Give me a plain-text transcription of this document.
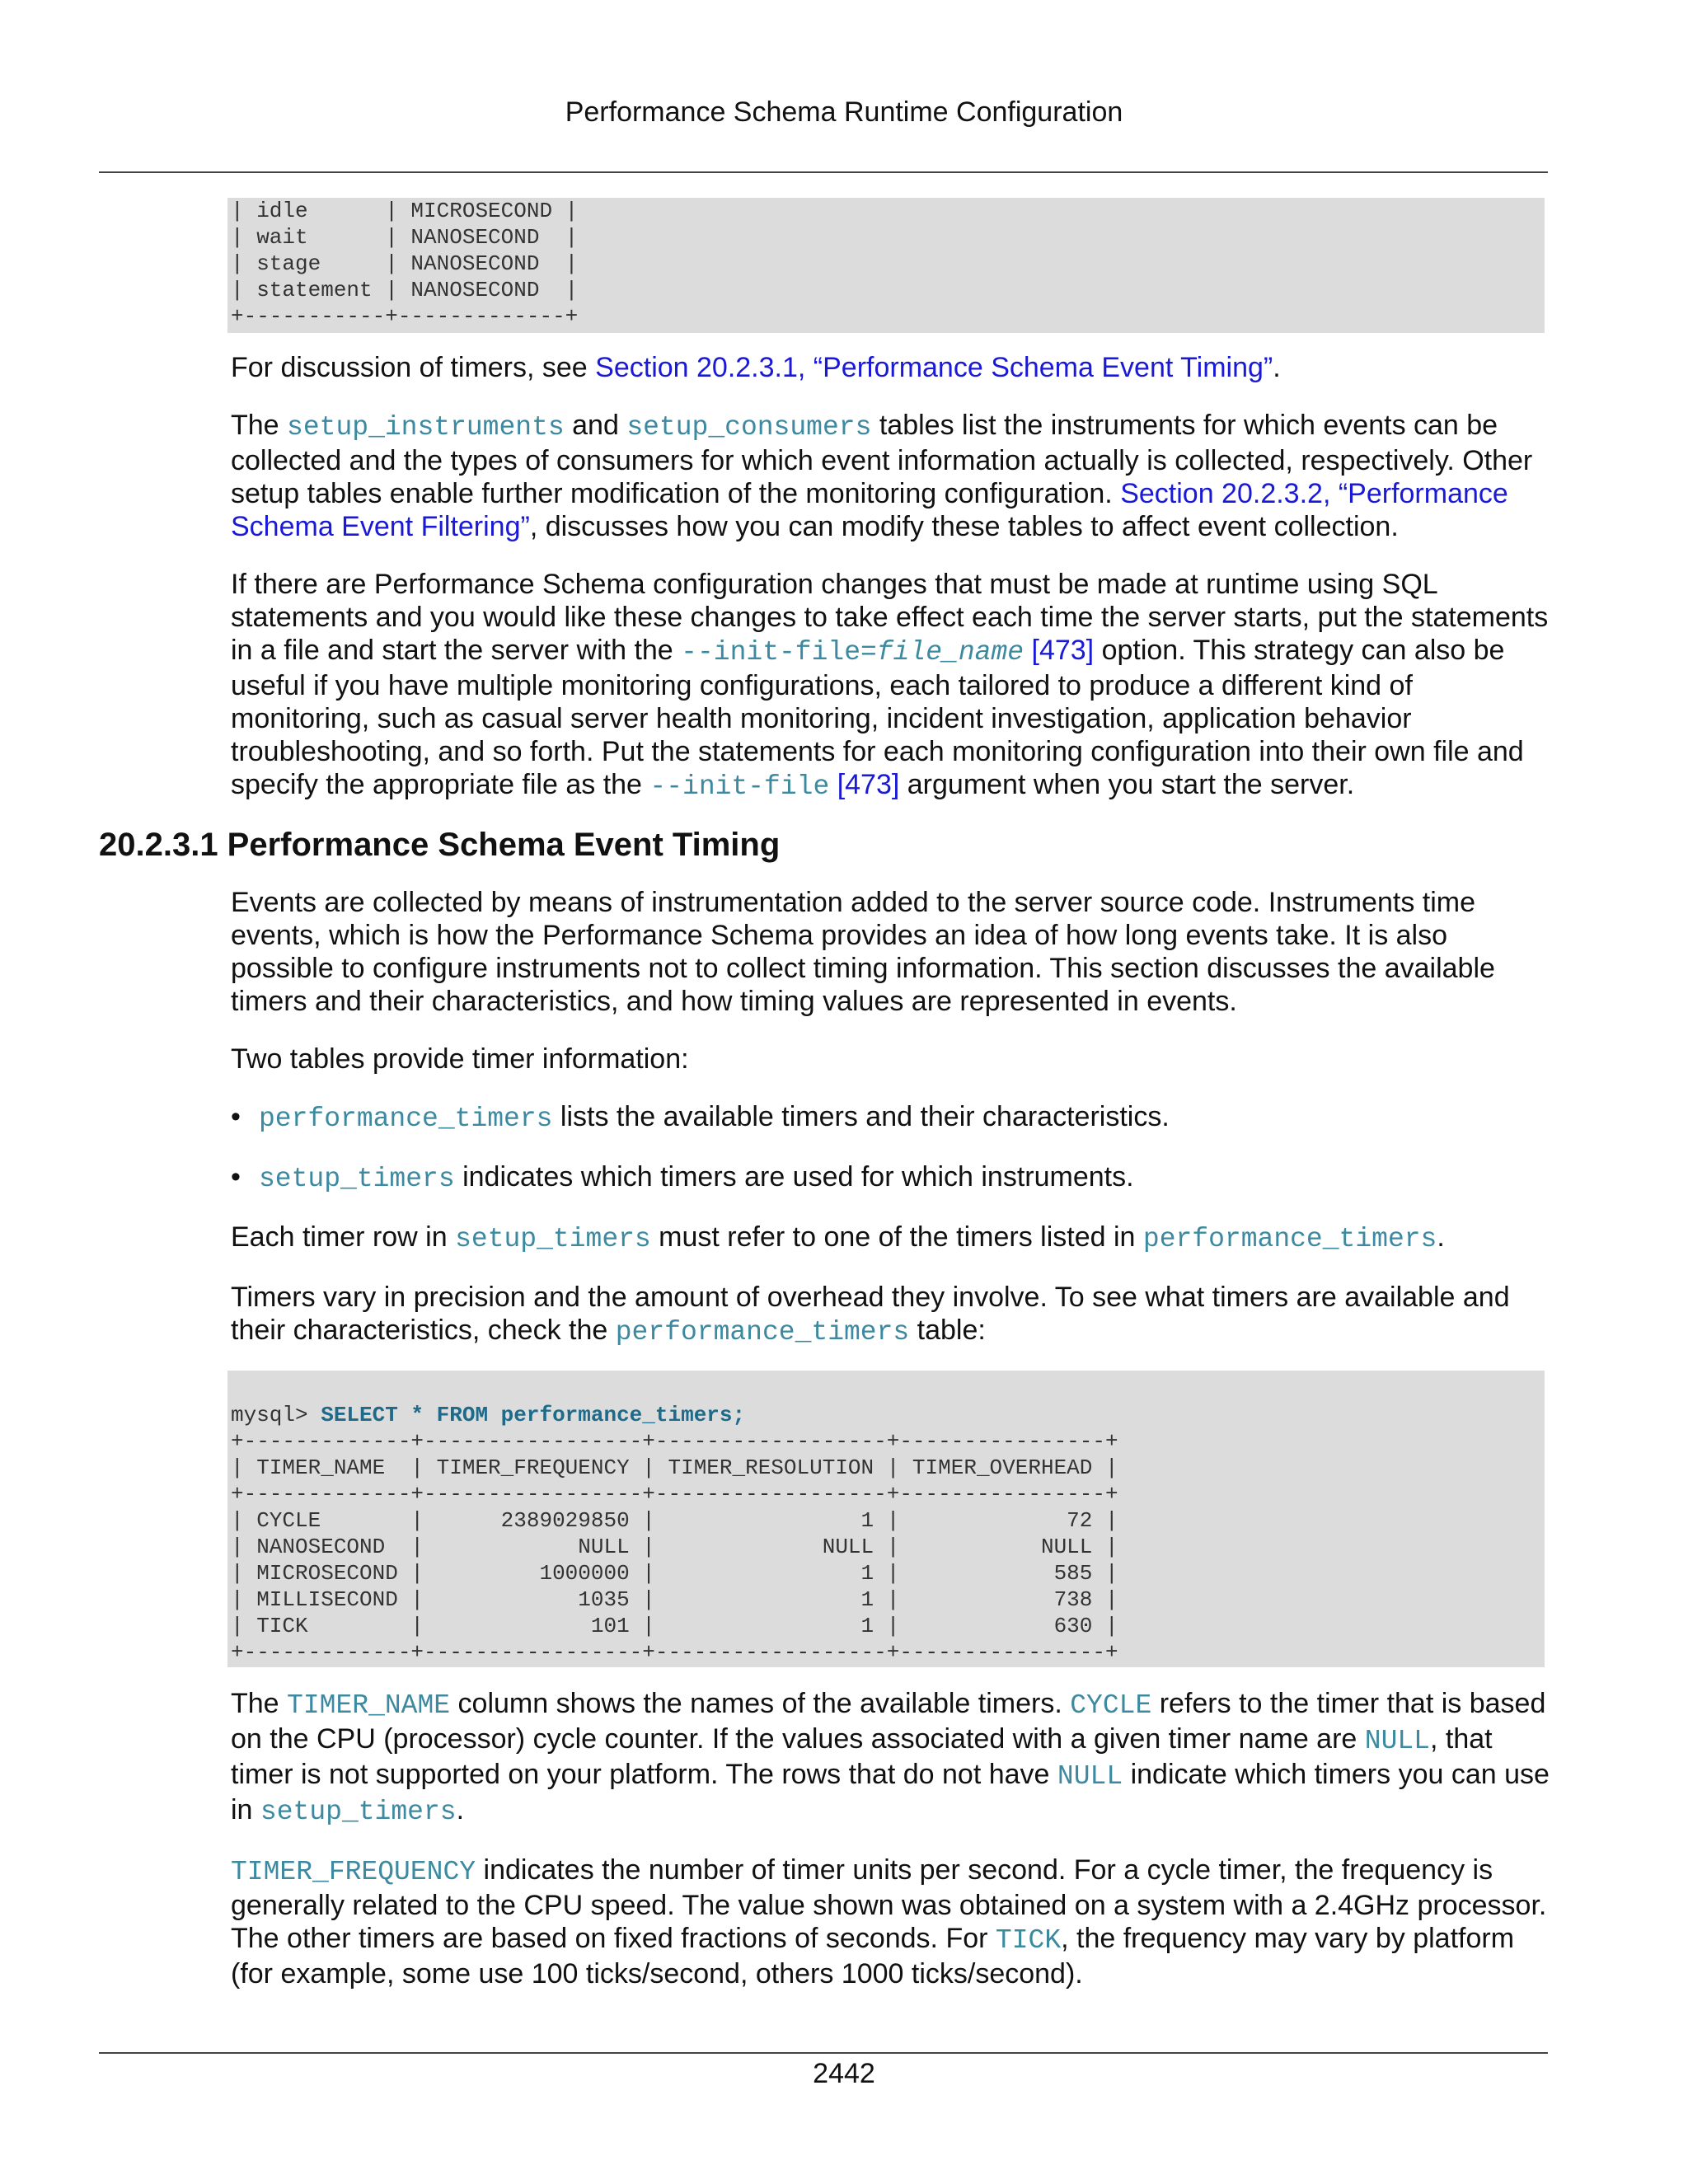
Performance Schema Runtime Configuration
| idle      | MICROSECOND |
| wait      | NANOSECOND  |
| stage     | NANOSECOND  |
| statement | NANOSECOND  |
+-----------+-------------+

For discussion of timers, see Section 20.2.3.1, “Performance Schema Event Timing”.

The setup_instruments and setup_consumers tables list the instruments for which events can be collected and the types of consumers for which event information actually is collected, respectively. Other setup tables enable further modification of the monitoring configuration. Section 20.2.3.2, “Performance Schema Event Filtering”, discusses how you can modify these tables to affect event collection.

If there are Performance Schema configuration changes that must be made at runtime using SQL statements and you would like these changes to take effect each time the server starts, put the statements in a file and start the server with the --init-file=file_name [473] option. This strategy can also be useful if you have multiple monitoring configurations, each tailored to produce a different kind of monitoring, such as casual server health monitoring, incident investigation, application behavior troubleshooting, and so forth. Put the statements for each monitoring configuration into their own file and specify the appropriate file as the --init-file [473] argument when you start the server.

20.2.3.1 Performance Schema Event Timing

Events are collected by means of instrumentation added to the server source code. Instruments time events, which is how the Performance Schema provides an idea of how long events take. It is also possible to configure instruments not to collect timing information. This section discusses the available timers and their characteristics, and how timing values are represented in events.

Two tables provide timer information:

• performance_timers lists the available timers and their characteristics.
• setup_timers indicates which timers are used for which instruments.

Each timer row in setup_timers must refer to one of the timers listed in performance_timers.

Timers vary in precision and the amount of overhead they involve. To see what timers are available and their characteristics, check the performance_timers table:

mysql> SELECT * FROM performance_timers;
+-------------+-----------------+------------------+----------------+
| TIMER_NAME  | TIMER_FREQUENCY | TIMER_RESOLUTION | TIMER_OVERHEAD |
+-------------+-----------------+------------------+----------------+
| CYCLE       |      2389029850 |                1 |             72 |
| NANOSECOND  |            NULL |             NULL |           NULL |
| MICROSECOND |         1000000 |                1 |            585 |
| MILLISECOND |            1035 |                1 |            738 |
| TICK        |             101 |                1 |            630 |
+-------------+-----------------+------------------+----------------+

The TIMER_NAME column shows the names of the available timers. CYCLE refers to the timer that is based on the CPU (processor) cycle counter. If the values associated with a given timer name are NULL, that timer is not supported on your platform. The rows that do not have NULL indicate which timers you can use in setup_timers.

TIMER_FREQUENCY indicates the number of timer units per second. For a cycle timer, the frequency is generally related to the CPU speed. The value shown was obtained on a system with a 2.4GHz processor. The other timers are based on fixed fractions of seconds. For TICK, the frequency may vary by platform (for example, some use 100 ticks/second, others 1000 ticks/second).

2442
